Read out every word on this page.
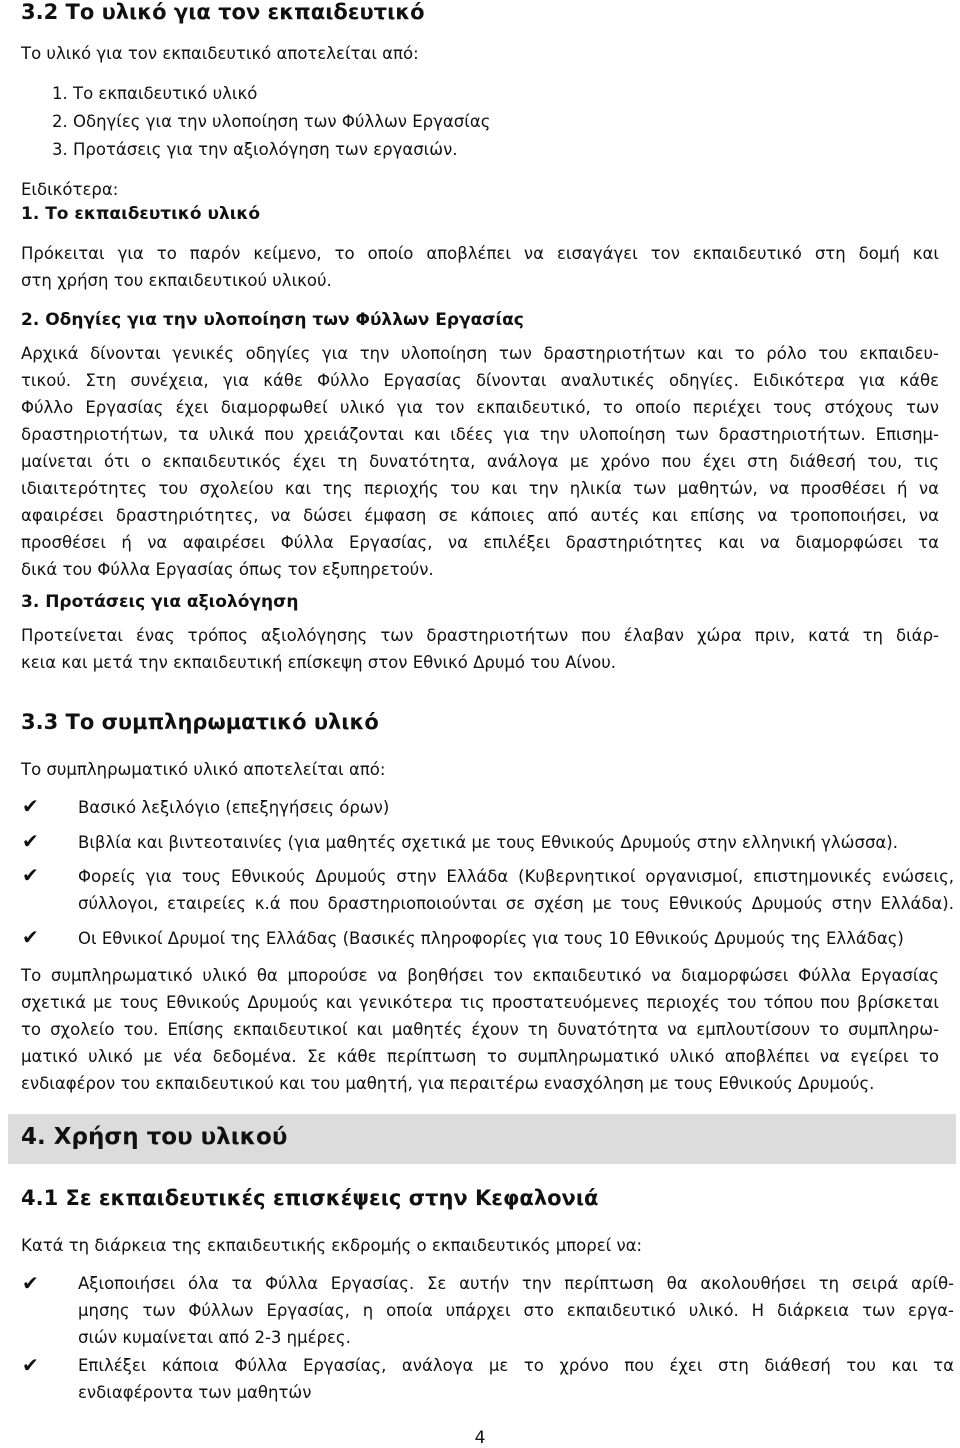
3.2 Το υλικό για τον εκπαιδευτικό
Το υλικό για τον εκπαιδευτικό αποτελείται από:
1. Το εκπαιδευτικό υλικό
2. Οδηγίες για την υλοποίηση των Φύλλων Εργασίας
3. Προτάσεις για την αξιολόγηση των εργασιών.
Ειδικότερα:
1. Το εκπαιδευτικό υλικό
Πρόκειται για το παρόν κείμενο, το οποίο αποβλέπει να εισαγάγει τον εκπαιδευτικό στη δομή και
στη χρήση του εκπαιδευτικού υλικού.
2. Οδηγίες για την υλοποίηση των Φύλλων Εργασίας
Αρχικά δίνονται γενικές οδηγίες για την υλοποίηση των δραστηριοτήτων και το ρόλο του εκπαιδευ-
τικού. Στη συνέχεια, για κάθε Φύλλο Εργασίας δίνονται αναλυτικές οδηγίες. Ειδικότερα για κάθε
Φύλλο Εργασίας έχει διαμορφωθεί υλικό για τον εκπαιδευτικό, το οποίο περιέχει τους στόχους των
δραστηριοτήτων, τα υλικά που χρειάζονται και ιδέες για την υλοποίηση των δραστηριοτήτων. Επισημ-
μαίνεται ότι ο εκπαιδευτικός έχει τη δυνατότητα, ανάλογα με χρόνο που έχει στη διάθεσή του, τις
ιδιαιτερότητες του σχολείου και της περιοχής του και την ηλικία των μαθητών, να προσθέσει ή να
αφαιρέσει δραστηριότητες, να δώσει έμφαση σε κάποιες από αυτές και επίσης να τροποποιήσει, να
προσθέσει ή να αφαιρέσει Φύλλα Εργασίας, να επιλέξει δραστηριότητες και να διαμορφώσει τα
δικά του Φύλλα Εργασίας όπως τον εξυπηρετούν.
3. Προτάσεις για αξιολόγηση
Προτείνεται ένας τρόπος αξιολόγησης των δραστηριοτήτων που έλαβαν χώρα πριν, κατά τη διάρ-
κεια και μετά την εκπαιδευτική επίσκεψη στον Εθνικό Δρυμό του Αίνου.
3.3 Το συμπληρωματικό υλικό
Το συμπληρωματικό υλικό αποτελείται από:
✔ Βασικό λεξιλόγιο (επεξηγήσεις όρων)
✔ Βιβλία και βιντεοταινίες (για μαθητές σχετικά με τους Εθνικούς Δρυμούς στην ελληνική γλώσσα).
✔ Φορείς για τους Εθνικούς Δρυμούς στην Ελλάδα (Κυβερνητικοί οργανισμοί, επιστημονικές ενώσεις,
σύλλογοι, εταιρείες κ.ά που δραστηριοποιούνται σε σχέση με τους Εθνικούς Δρυμούς στην Ελλάδα).
✔ Οι Εθνικοί Δρυμοί της Ελλάδας (Βασικές πληροφορίες για τους 10 Εθνικούς Δρυμούς της Ελλάδας)
Το συμπληρωματικό υλικό θα μπορούσε να βοηθήσει τον εκπαιδευτικό να διαμορφώσει Φύλλα Εργασίας
σχετικά με τους Εθνικούς Δρυμούς και γενικότερα τις προστατευόμενες περιοχές του τόπου που βρίσκεται
το σχολείο του. Επίσης εκπαιδευτικοί και μαθητές έχουν τη δυνατότητα να εμπλουτίσουν το συμπληρω-
ματικό υλικό με νέα δεδομένα. Σε κάθε περίπτωση το συμπληρωματικό υλικό αποβλέπει να εγείρει το
ενδιαφέρον του εκπαιδευτικού και του μαθητή, για περαιτέρω ενασχόληση με τους Εθνικούς Δρυμούς.
4. Χρήση του υλικού
4.1 Σε εκπαιδευτικές επισκέψεις στην Κεφαλονιά
Κατά τη διάρκεια της εκπαιδευτικής εκδρομής ο εκπαιδευτικός μπορεί να:
✔ Αξιοποιήσει όλα τα Φύλλα Εργασίας. Σε αυτήν την περίπτωση θα ακολουθήσει τη σειρά αρίθ-
μησης των Φύλλων Εργασίας, η οποία υπάρχει στο εκπαιδευτικό υλικό. Η διάρκεια των εργα-
σιών κυμαίνεται από 2-3 ημέρες.
✔ Επιλέξει κάποια Φύλλα Εργασίας, ανάλογα με το χρόνο που έχει στη διάθεσή του και τα
ενδιαφέροντα των μαθητών
4
